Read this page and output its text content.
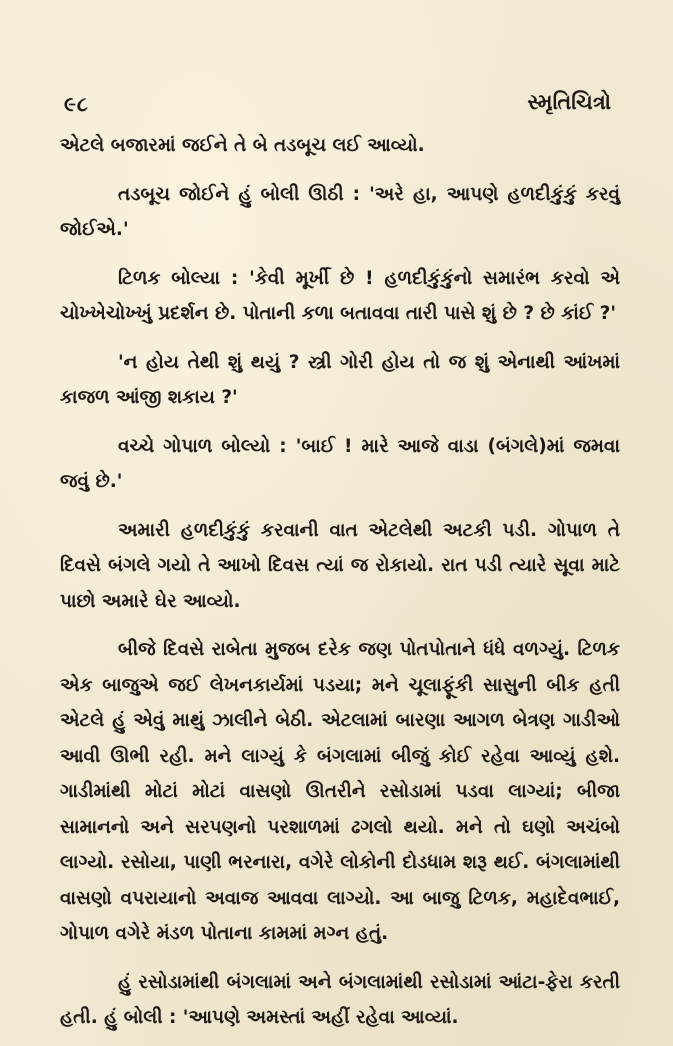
૯૮	સ્મૃતિચિત્રો

એટલે બજારમાં જઈને તે બે તડબૂચ લઈ આવ્યો.

તડબૂચ જોઈને હું બોલી ઊઠી : 'અરે હા, આપણે હળદીકુંકું કરવું જોઈએ.'

ટિળક બોલ્યા : 'કેવી મૂર્ખી છે ! હળદીકુંકુંનો સમારંભ કરવો એ ચોખ્ખેચોખ્ખું પ્રદર્શન છે. પોતાની કળા બતાવવા તારી પાસે શું છે ? છે કાંઈ ?'

'ન હોય તેથી શું થયું ? સ્ત્રી ગોરી હોય તો જ શું એનાથી આંખમાં કાજળ આંજી શકાય ?'

વચ્ચે ગોપાળ બોલ્યો : 'બાઈ ! મારે આજે વાડા (બંગલે)માં જમવા જવું છે.'

અમારી હળદીકુંકું કરવાની વાત એટલેથી અટકી પડી. ગોપાળ તે દિવસે બંગલે ગયો તે આખો દિવસ ત્યાં જ રોકાયો. રાત પડી ત્યારે સૂવા માટે પાછો અમારે ઘેર આવ્યો.

બીજે દિવસે રાબેતા મુજબ દરેક જણ પોતપોતાને ધંધે વળગ્યું. ટિળક એક બાજુએ જઈ લેખનકાર્યમાં પડયા; મને ચૂલાફૂંકી સાસુની બીક હતી એટલે હું એવું માથું ઝાલીને બેઠી. એટલામાં બારણા આગળ બેત્રણ ગાડીઓ આવી ઊભી રહી. મને લાગ્યું કે બંગલામાં બીજું કોઈ રહેવા આવ્યું હશે. ગાડીમાંથી મોટાં મોટાં વાસણો ઊતરીને રસોડામાં પડવા લાગ્યાં; બીજા સામાનનો અને સરપણનો પરશાળમાં ઢગલો થયો. મને તો ઘણો અચંબો લાગ્યો. રસોયા, પાણી ભરનારા, વગેરે લોકોની દોડધામ શરૂ થઈ. બંગલામાંથી વાસણો વપરાયાનો અવાજ આવવા લાગ્યો. આ બાજુ ટિળક, મહાદેવભાઈ, ગોપાળ વગેરે મંડળ પોતાના કામમાં મગ્ન હતું.

હું રસોડામાંથી બંગલામાં અને બંગલામાંથી રસોડામાં આંટા-ફેરા કરતી હતી. હું બોલી : 'આપણે અમસ્તાં અહીં રહેવા આવ્યાં.
